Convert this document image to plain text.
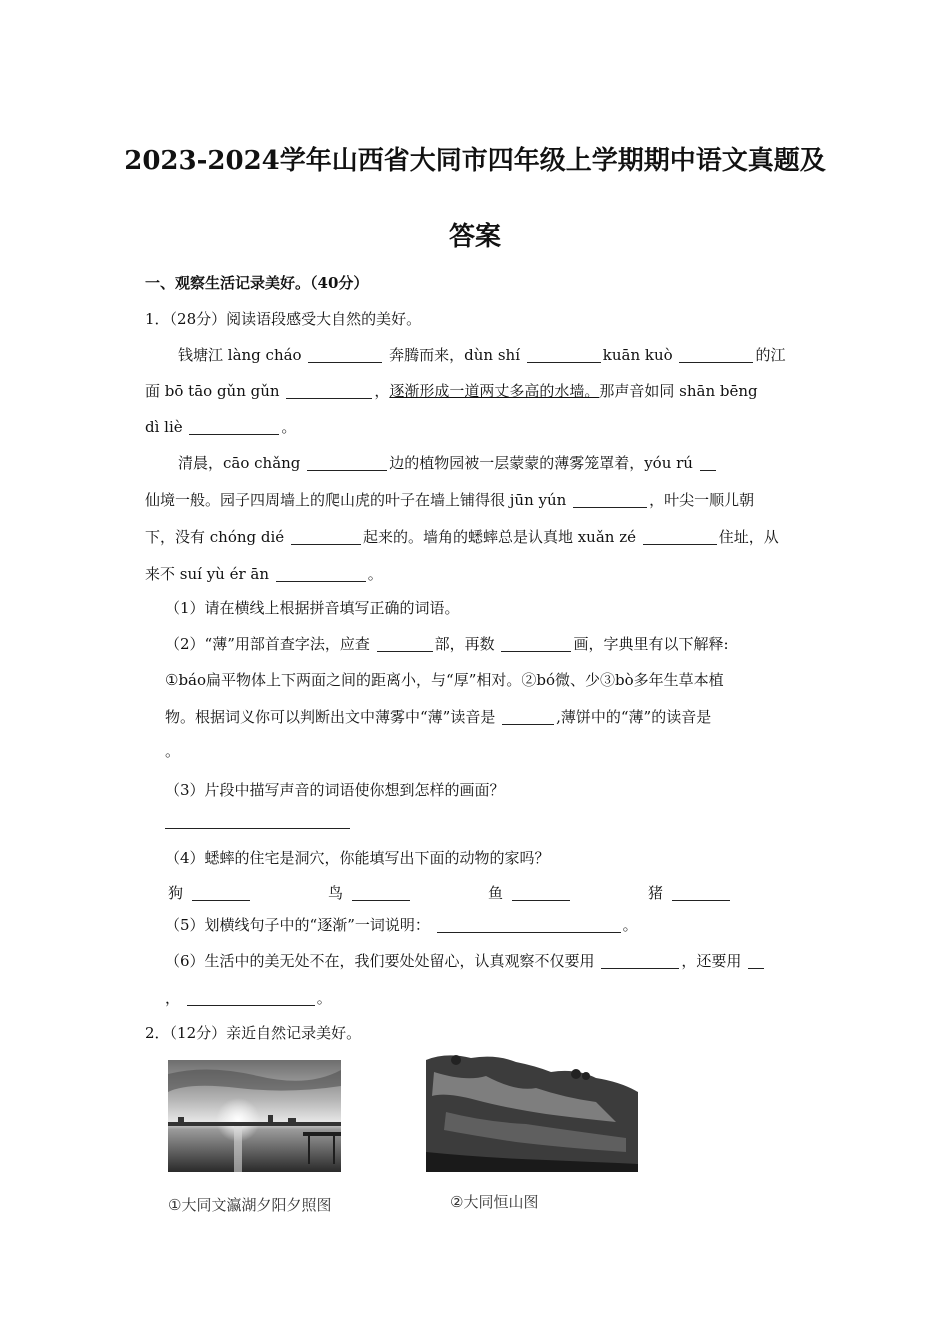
2023-2024学年山西省大同市四年级上学期期中语文真题及
答案
一、观察生活记录美好。（40分）
1．（28分）阅读语段感受大自然的美好。
钱塘江 làng cháo	奔腾而来，dùn shí	kuān kuò	的江
面 bō tāo gǔn gǔn	，逐渐形成一道两丈多高的水墙。那声音如同 shān bēng
dì liè	。
清晨，cāo chǎng	边的植物园被一层蒙蒙的薄雾笼罩着，yóu rú
仙境一般。园子四周墙上的爬山虎的叶子在墙上铺得很 jūn yún	，叶尖一顺儿朝
下，没有 chóng dié	起来的。墙角的蟋蟀总是认真地 xuǎn zé	住址，从
来不 suí yù ér ān	。
（1）请在横线上根据拼音填写正确的词语。
（2）“薄”用部首查字法，应查	部，再数	画，字典里有以下解释:
①báo扁平物体上下两面之间的距离小，与“厚”相对。②bó微、少③bò多年生草本植
物。根据词义你可以判断出文中薄雾中“薄”读音是	,薄饼中的“薄”的读音是
。
（3）片段中描写声音的词语使你想到怎样的画面？
（4）蟋蟀的住宅是洞穴，你能填写出下面的动物的家吗？
狗	鸟	鱼	猪
（5）划横线句子中的“逐渐”一词说明：	。
（6）生活中的美无处不在，我们要处处留心，认真观察不仅要用	，还要用
，	。
2．（12分）亲近自然记录美好。
①大同文瀛湖夕阳夕照图	②大同恒山图
